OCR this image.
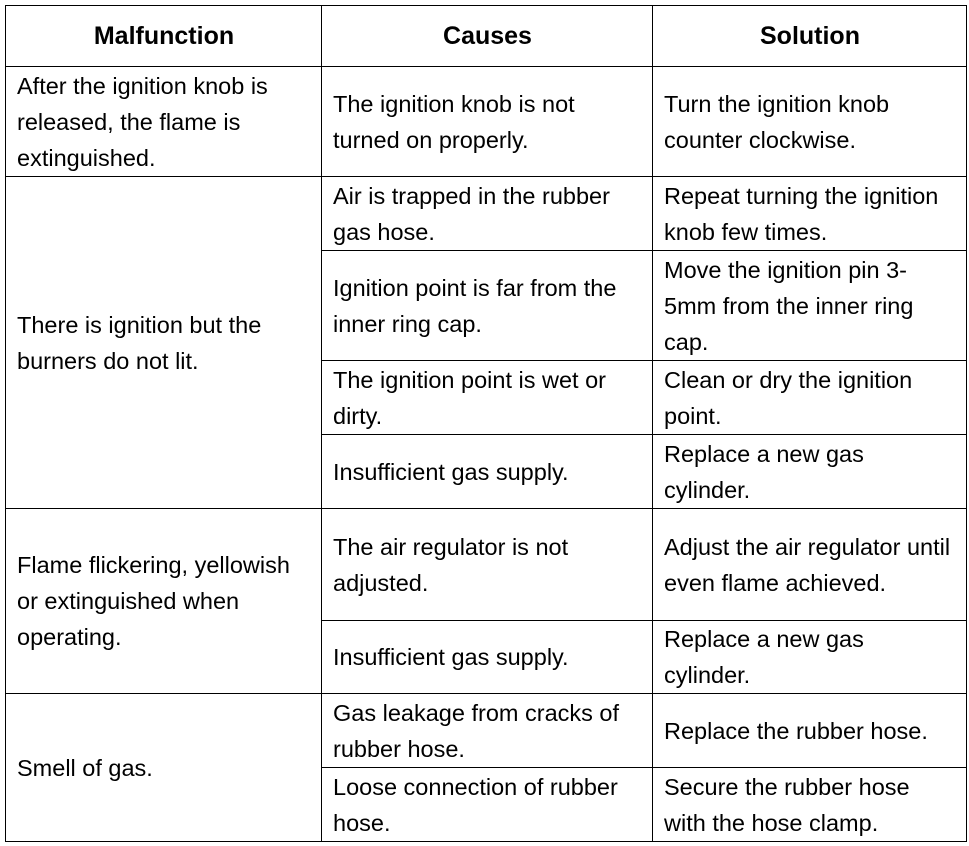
Malfunction	Causes	Solution
After the ignition knob is released, the flame is extinguished.	The ignition knob is not turned on properly.	Turn the ignition knob counter clockwise.
There is ignition but the burners do not lit.	Air is trapped in the rubber gas hose.	Repeat turning the ignition knob few times.
	Ignition point is far from the inner ring cap.	Move the ignition pin 3-5mm from the inner ring cap.
	The ignition point is wet or dirty.	Clean or dry the ignition point.
	Insufficient gas supply.	Replace a new gas cylinder.
Flame flickering, yellowish or extinguished when operating.	The air regulator is not adjusted.	Adjust the air regulator until even flame achieved.
	Insufficient gas supply.	Replace a new gas cylinder.
Smell of gas.	Gas leakage from cracks of rubber hose.	Replace the rubber hose.
	Loose connection of rubber hose.	Secure the rubber hose with the hose clamp.
